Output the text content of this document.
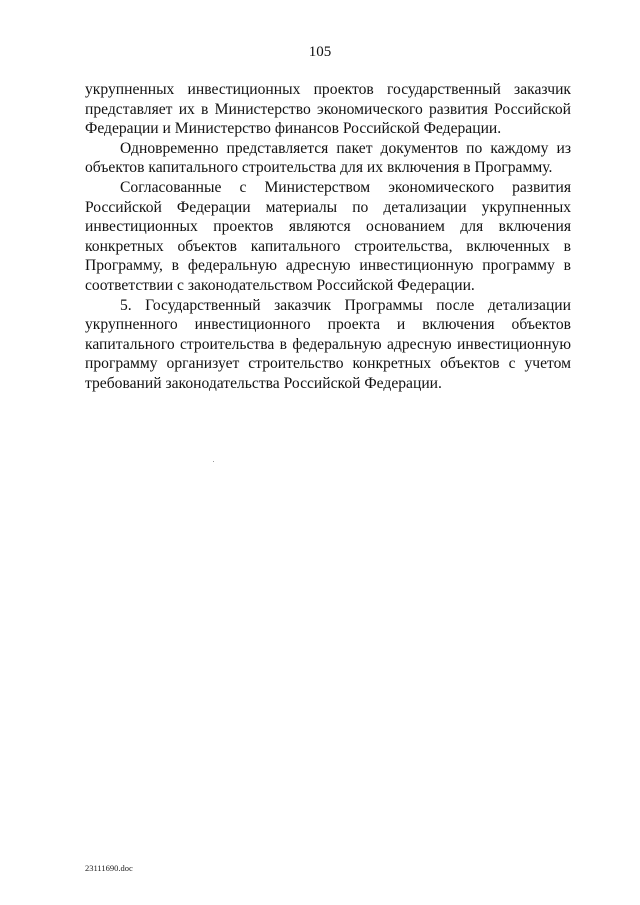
105

укрупненных инвестиционных проектов государственный заказчик представляет их в Министерство экономического развития Российской Федерации и Министерство финансов Российской Федерации.

Одновременно представляется пакет документов по каждому из объектов капитального строительства для их включения в Программу.

Согласованные с Министерством экономического развития Российской Федерации материалы по детализации укрупненных инвестиционных проектов являются основанием для включения конкретных объектов капитального строительства, включенных в Программу, в федеральную адресную инвестиционную программу в соответствии с законодательством Российской Федерации.

5. Государственный заказчик Программы после детализации укрупненного инвестиционного проекта и включения объектов капитального строительства в федеральную адресную инвестиционную программу организует строительство конкретных объектов с учетом требований законодательства Российской Федерации.

23111690.doc
